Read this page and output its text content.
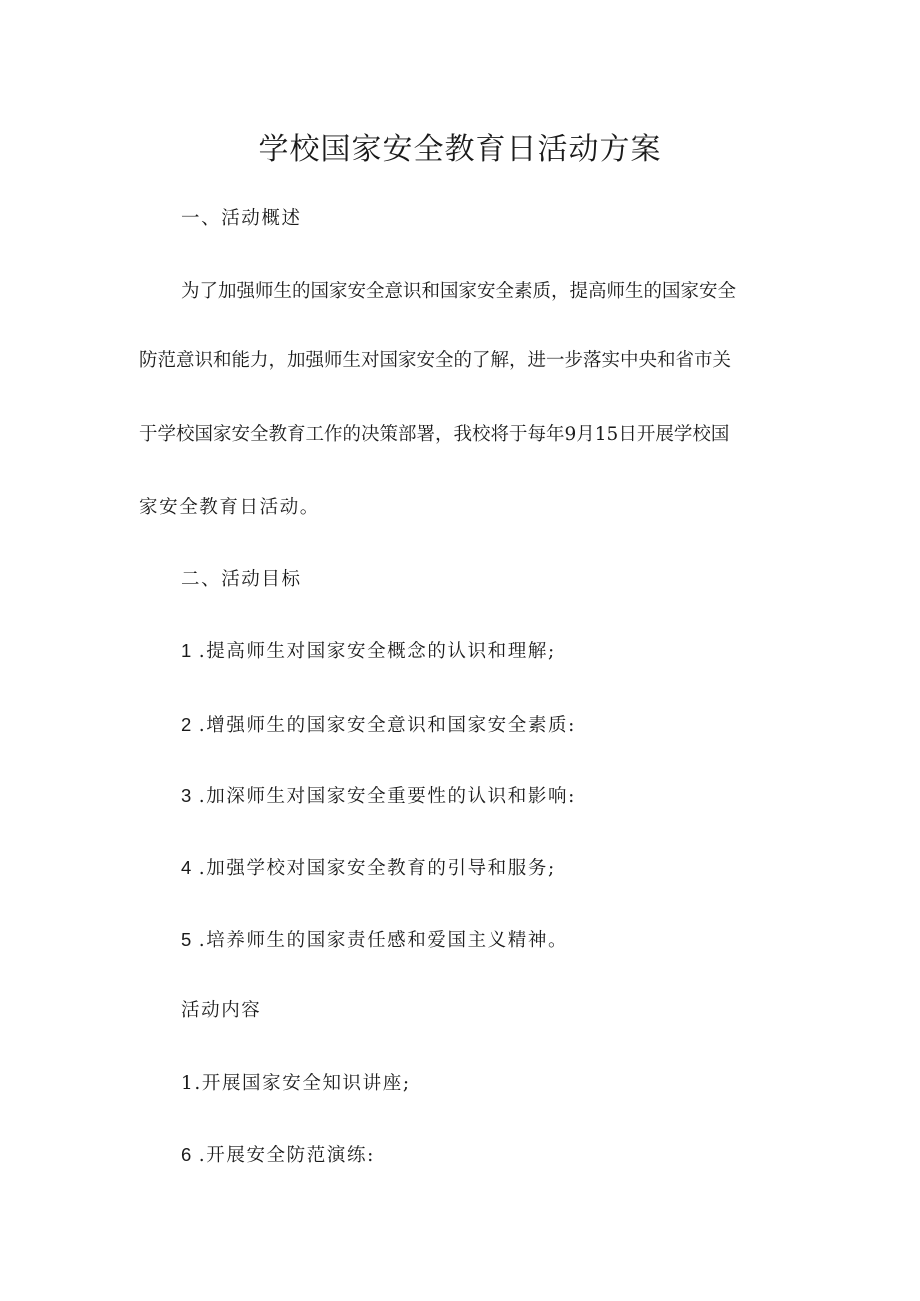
学校国家安全教育日活动方案
一、活动概述
为了加强师生的国家安全意识和国家安全素质，提高师生的国家安全
防范意识和能力，加强师生对国家安全的了解，进一步落实中央和省市关
于学校国家安全教育工作的决策部署，我校将于每年9月15日开展学校国
家安全教育日活动。
二、活动目标
1 .提高师生对国家安全概念的认识和理解;
2 .增强师生的国家安全意识和国家安全素质:
3 .加深师生对国家安全重要性的认识和影响:
4 .加强学校对国家安全教育的引导和服务;
5 .培养师生的国家责任感和爱国主义精神。
活动内容
1.开展国家安全知识讲座;
6 .开展安全防范演练:
